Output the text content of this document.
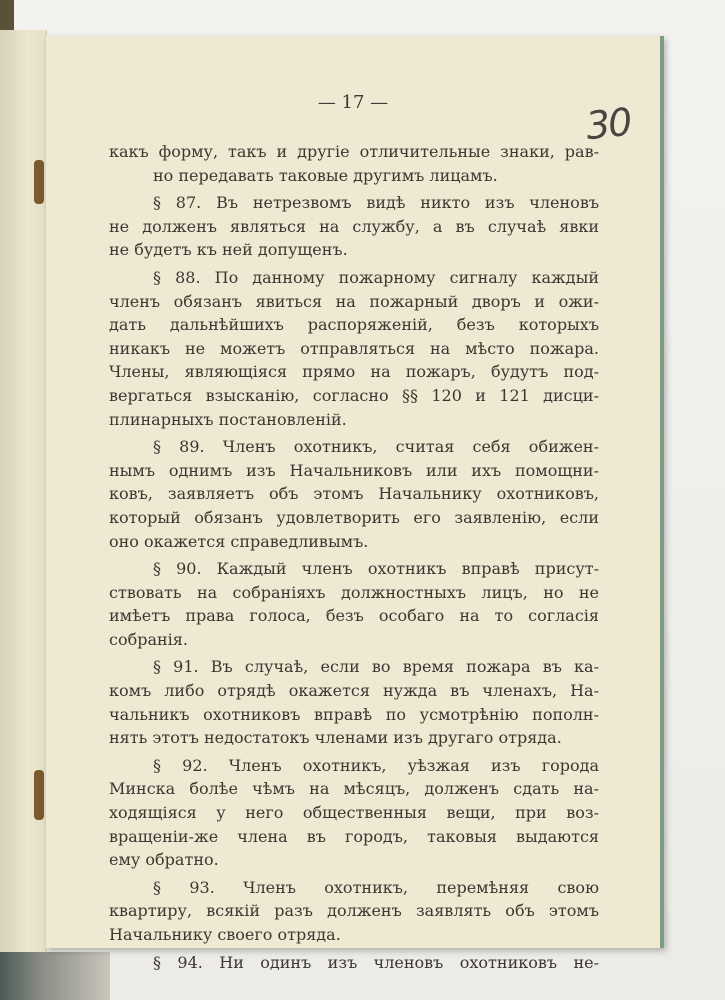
— 17 —	30
какъ форму, такъ и другіе отличительные знаки, рав-
но передавать таковые другимъ лицамъ.
§ 87. Въ нетрезвомъ видѣ никто изъ членовъ
не долженъ являться на службу, а въ случаѣ явки
не будетъ къ ней допущенъ.
§ 88. По данному пожарному сигналу каждый
членъ обязанъ явиться на пожарный дворъ и ожи-
дать дальнѣйшихъ распоряженій, безъ которыхъ
никакъ не можетъ отправляться на мѣсто пожара.
Члены, являющіяся прямо на пожаръ, будутъ под-
вергаться взысканію, согласно §§ 120 и 121 дисци-
плинарныхъ постановленій.
§ 89. Членъ охотникъ, считая себя обижен-
нымъ однимъ изъ Начальниковъ или ихъ помощни-
ковъ, заявляетъ объ этомъ Начальнику охотниковъ,
который обязанъ удовлетворить его заявленію, если
оно окажется справедливымъ.
§ 90. Каждый членъ охотникъ вправѣ присут-
ствовать на собраніяхъ должностныхъ лицъ, но не
имѣетъ права голоса, безъ особаго на то согласія
собранія.
§ 91. Въ случаѣ, если во время пожара въ ка-
комъ либо отрядѣ окажется нужда въ членахъ, На-
чальникъ охотниковъ вправѣ по усмотрѣнію пополн-
нять этотъ недостатокъ членами изъ другаго отряда.
§ 92. Членъ охотникъ, уѣзжая изъ города
Минска болѣе чѣмъ на мѣсяцъ, долженъ сдать на-
ходящіяся у него общественныя вещи, при воз-
вращеніи-же члена въ городъ, таковыя выдаются
ему обратно.
§ 93. Членъ охотникъ, перемѣняя свою
квартиру, всякій разъ долженъ заявлять объ этомъ
Начальнику своего отряда.
§ 94. Ни одинъ изъ членовъ охотниковъ не-
